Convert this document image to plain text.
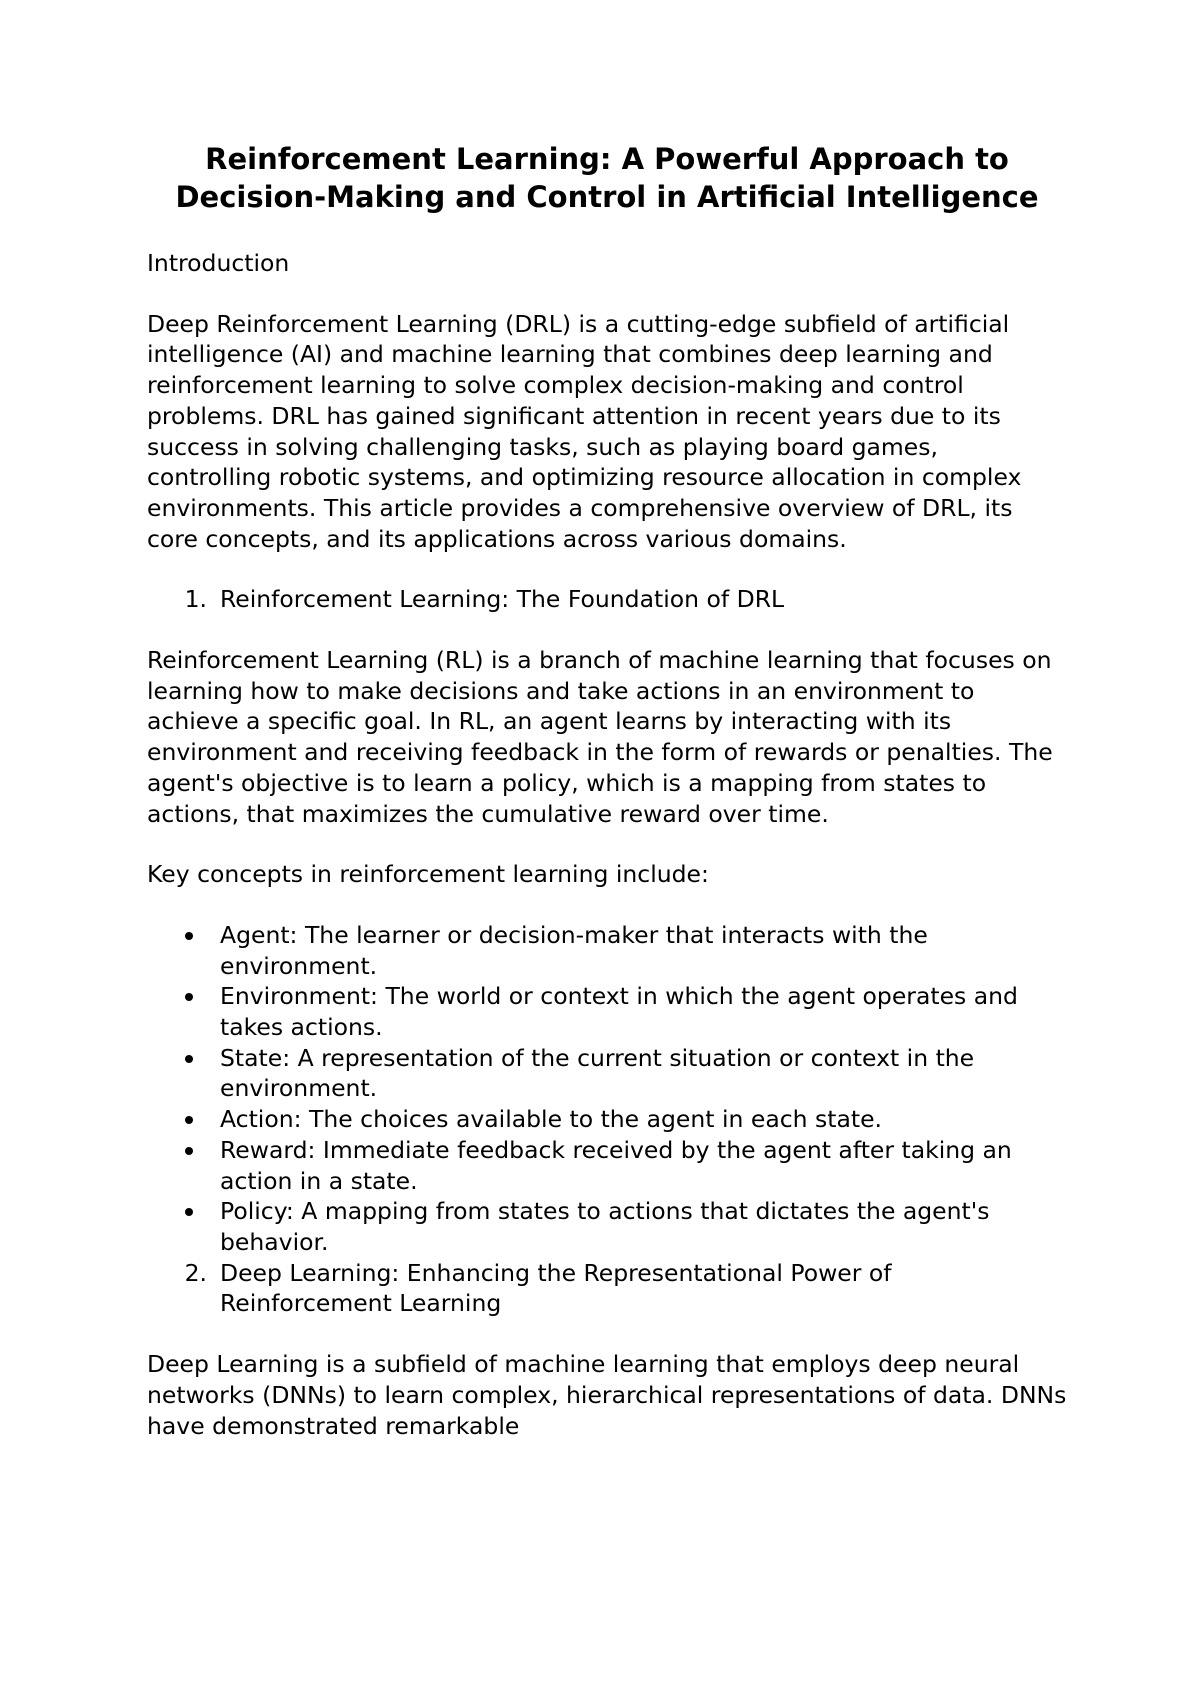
Reinforcement Learning: A Powerful Approach to Decision-Making and Control in Artificial Intelligence

Introduction

Deep Reinforcement Learning (DRL) is a cutting-edge subfield of artificial intelligence (AI) and machine learning that combines deep learning and reinforcement learning to solve complex decision-making and control problems. DRL has gained significant attention in recent years due to its success in solving challenging tasks, such as playing board games, controlling robotic systems, and optimizing resource allocation in complex environments. This article provides a comprehensive overview of DRL, its core concepts, and its applications across various domains.

1. Reinforcement Learning: The Foundation of DRL

Reinforcement Learning (RL) is a branch of machine learning that focuses on learning how to make decisions and take actions in an environment to achieve a specific goal. In RL, an agent learns by interacting with its environment and receiving feedback in the form of rewards or penalties. The agent's objective is to learn a policy, which is a mapping from states to actions, that maximizes the cumulative reward over time.

Key concepts in reinforcement learning include:

Agent: The learner or decision-maker that interacts with the environment.
Environment: The world or context in which the agent operates and takes actions.
State: A representation of the current situation or context in the environment.
Action: The choices available to the agent in each state.
Reward: Immediate feedback received by the agent after taking an action in a state.
Policy: A mapping from states to actions that dictates the agent's behavior.
2. Deep Learning: Enhancing the Representational Power of Reinforcement Learning

Deep Learning is a subfield of machine learning that employs deep neural networks (DNNs) to learn complex, hierarchical representations of data. DNNs have demonstrated remarkable
